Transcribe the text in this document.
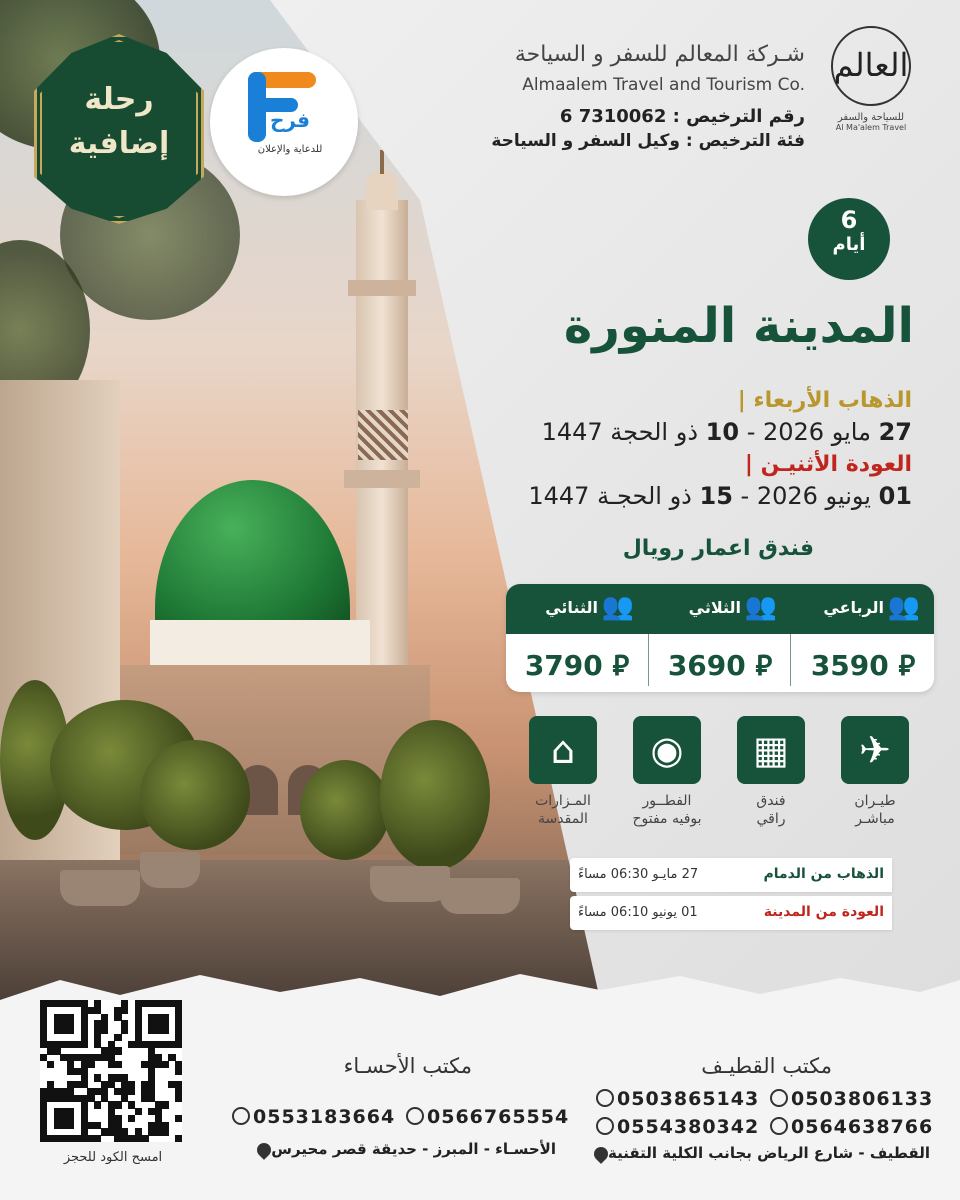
رحلة
إضافية
فرح
للدعاية والإعلان
شـركة المعالم للسفر و السياحة
Almaalem Travel and Tourism Co.
رقم الترخيص : 7310062 6
فئة الترخيص : وكيل السفر و السياحة
العالم
للسياحة والسفر
Al Ma'alem Travel
6
أيام
المدينة المنورة
الذهاب الأربعاء |
27 مايو 2026 - 10 ذو الحجة 1447
العودة الأثنيـن |
01 يونيو 2026 - 15 ذو الحجـة 1447
فندق اعمار رويال
👥
الرباعي
3590 ⃁
👥
الثلاثي
3690 ⃁
👥
الثنائي
3790 ⃁
✈
طيـران
مباشـر
▦
فندق
راقي
◉
الفطــور
بوفيه مفتوح
⌂
المـزارات
المقدسة
الذهاب من الدمام
27 مايـو 06:30 مساءً
العودة من المدينة
01 يونيو 06:10 مساءً
امسح الكود للحجز
مكتب القطيـف
0503806133
0503865143
0564638766
0554380342
القطيف - شارع الرياض بجانب الكلية التقنية
مكتب الأحسـاء
0566765554
0553183664
الأحسـاء - المبرز - حديقة قصر محيرس
